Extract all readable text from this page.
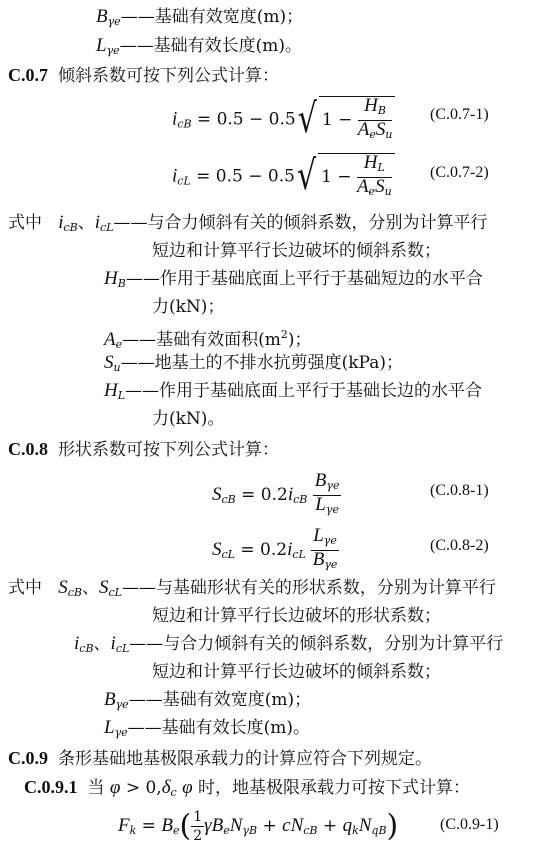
$B_{\gamma e}——$基础有效宽度(m)；
$L_{\gamma e}——$基础有效长度(m)。
C.0.7 倾斜系数可按下列公式计算：
$i_{cB} = 0.5 - 0.5√$ $1 - \frac{H_B}{A_eS_u} (C.0.7-1)$
$i_{cL} = 0.5 - 0.5√$ $1 - \frac{H_L}{A_eS_u} (C.0.7-2)$
式中 $i_{cB}$、$i_{cL}——$与合力倾斜有关的倾斜系数，分别为计算平行
短边和计算平行长边破坏的倾斜系数；
$H_B——$作用于基础底面上平行于基础短边的水平合
力(kN)；
$A_e——$基础有效面积$(m^2)$；
$S_u——$地基土的不排水抗剪强度(kPa)；
$H_L——$作用于基础底面上平行于基础长边的水平合
力(kN)。
C.0.8 形状系数可按下列公式计算：
$S_{cB} = 0.2i_{cB} \frac{B_{\gamma e}}{L_{\gamma e}}$	(C.0.8-1)
$S_{cL} = 0.2i_{cL} \frac{L_{\gamma e}}{B_{\gamma e}}$	(C.0.8-2)
式中 $S_{cB}$、$S_{cL}——$与基础形状有关的形状系数，分别为计算平行
短边和计算平行长边破坏的形状系数；
$i_{cB}$、$i_{cL}——$与合力倾斜有关的倾斜系数，分别为计算平行
短边和计算平行长边破坏的倾斜系数；
$B_{\gamma e}——$基础有效宽度(m)；
$L_{\gamma e}——$基础有效长度(m)。
C.0.9 条形基础地基极限承载力的计算应符合下列规定。
C.0.9.1 当 $\varphi > 0,\delta_c$ φ 时，地基极限承载力可按下式计算：
$F_k = B_e( \frac{1}{2} \gamma B_eN_{\gamma B} + cN_{cB} + q_kN_{qB})$	(C.0.9-1)
